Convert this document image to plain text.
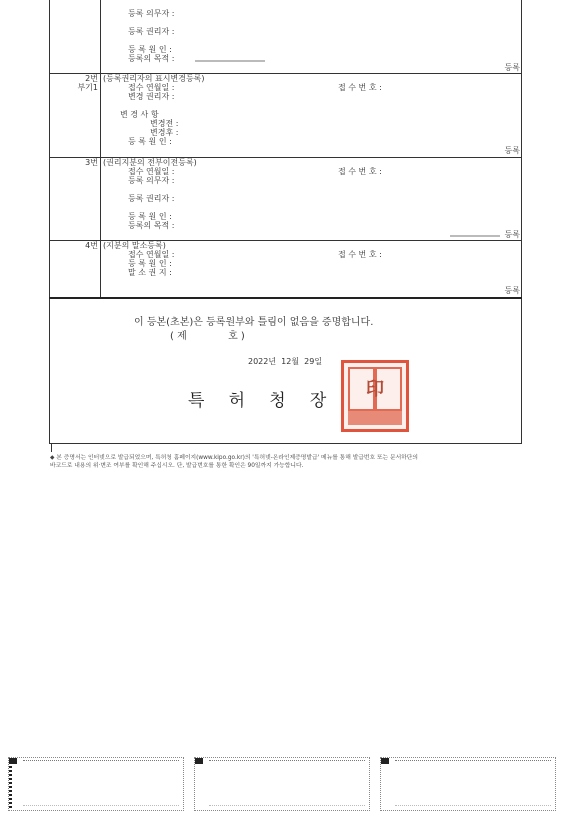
등록 의무자 :
등록 권리자 :
등 록 원 인 :
등록의 목적 :
등록
2번
부기1
(등록권리자의 표시변경등록)
접수 연월일 :
변경 권리자 :
접 수 번 호 :
변 경 사 항
변경전 :
변경후 :
등 록 원 인 :
등록
3번 (권리지분의 전부이전등록)
접수 연월일 :
등록 의무자 :
접 수 번 호 :
등록 권리자 :
등 록 원 인 :
등록의 목적 :
등록
4번 (지분의 말소등록)
접수 연월일 :
등 록 원 인 :
말 소 권 지 :
접 수 번 호 :
등록
이 등본(초본)은 등록원부와 틀림이 없음을 증명합니다.
( 제             호 )
2022년  12월  29일
印
특   허   청   장
◆ 본 증명서는 인터넷으로 발급되었으며, 특허청 홈페이지(www.kipo.go.kr)의 '특허넷-온라인제증명발급' 메뉴를 통해 발급번호 또는 문서하단의
바코드로 내용의 위·변조 여부를 확인해 주십시오. 단, 발급번호를 통한 확인은 90일까지 가능합니다.
